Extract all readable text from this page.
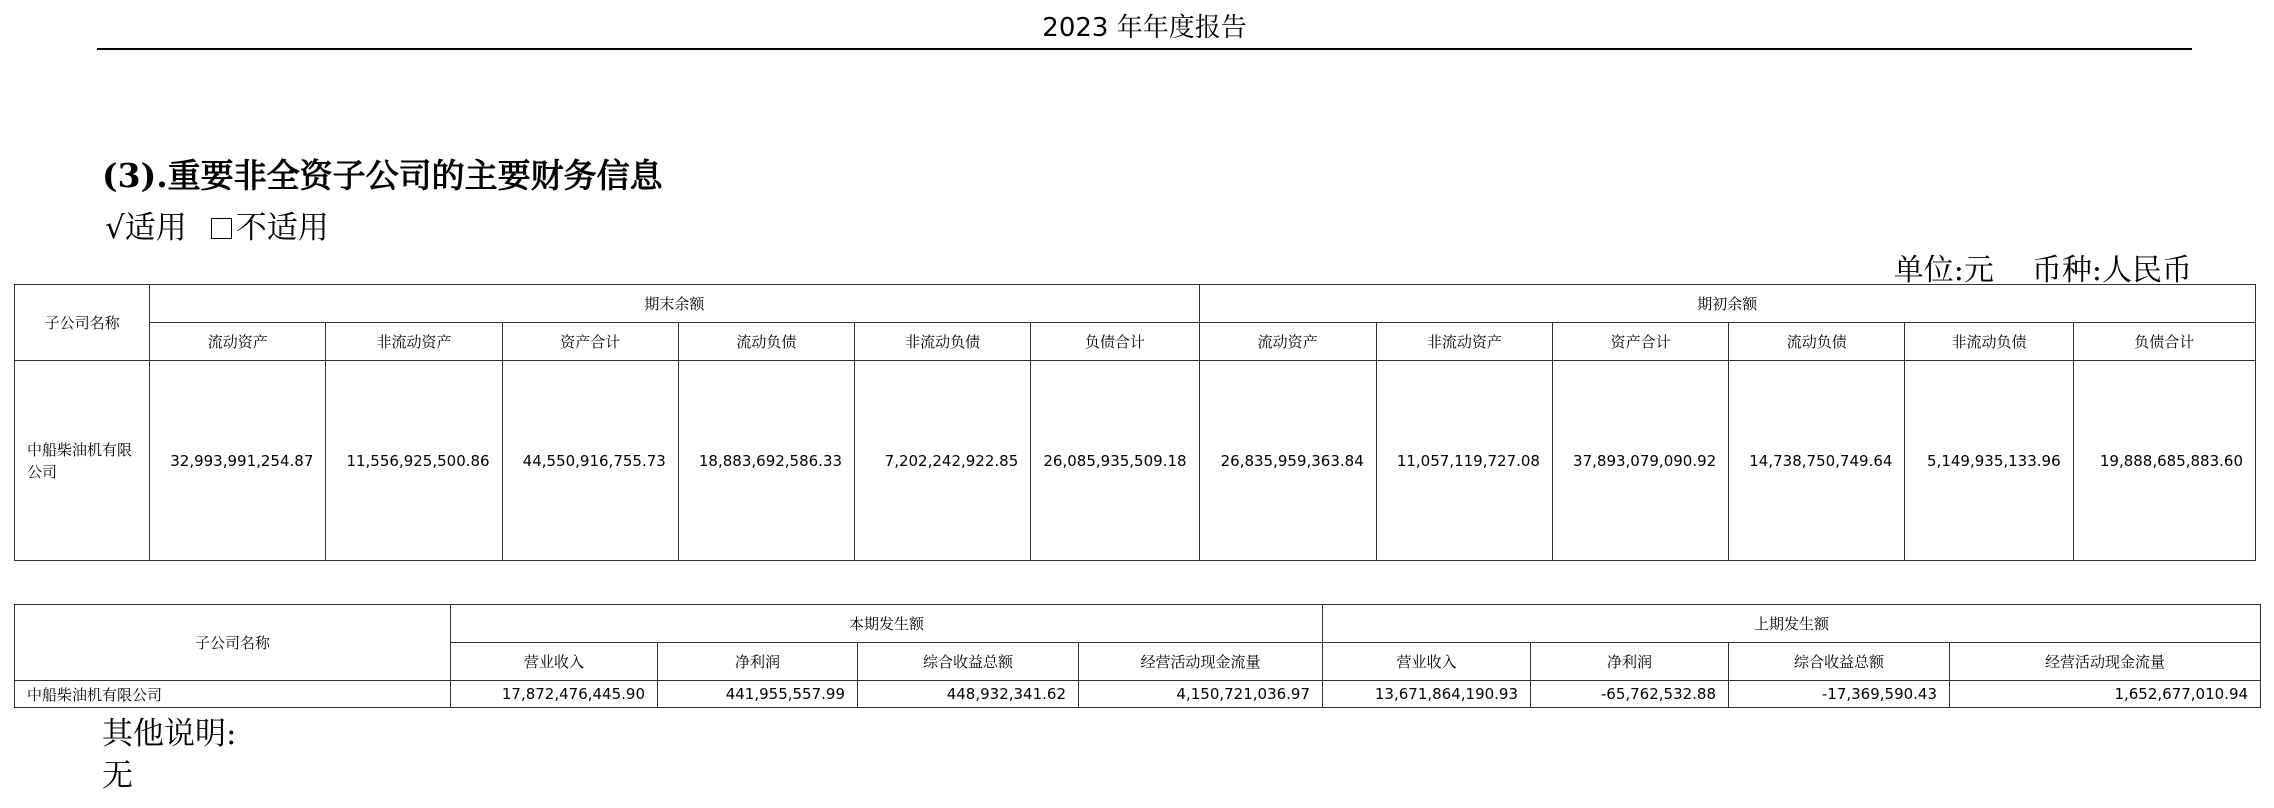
2023 年年度报告
(3).重要非全资子公司的主要财务信息
√适用 不适用
单位:元 币种:人民币
子公司名称	期末余额						期初余额					
	流动资产	非流动资产	资产合计	流动负债	非流动负债	负债合计	流动资产	非流动资产	资产合计	流动负债	非流动负债	负债合计
中船柴油机有限公司	32,993,991,254.87	11,556,925,500.86	44,550,916,755.73	18,883,692,586.33	7,202,242,922.85	26,085,935,509.18	26,835,959,363.84	11,057,119,727.08	37,893,079,090.92	14,738,750,749.64	5,149,935,133.96	19,888,685,883.60
子公司名称	本期发生额				上期发生额			
	营业收入	净利润	综合收益总额	经营活动现金流量	营业收入	净利润	综合收益总额	经营活动现金流量
中船柴油机有限公司	17,872,476,445.90	441,955,557.99	448,932,341.62	4,150,721,036.97	13,671,864,190.93	-65,762,532.88	-17,369,590.43	1,652,677,010.94
其他说明:
无
